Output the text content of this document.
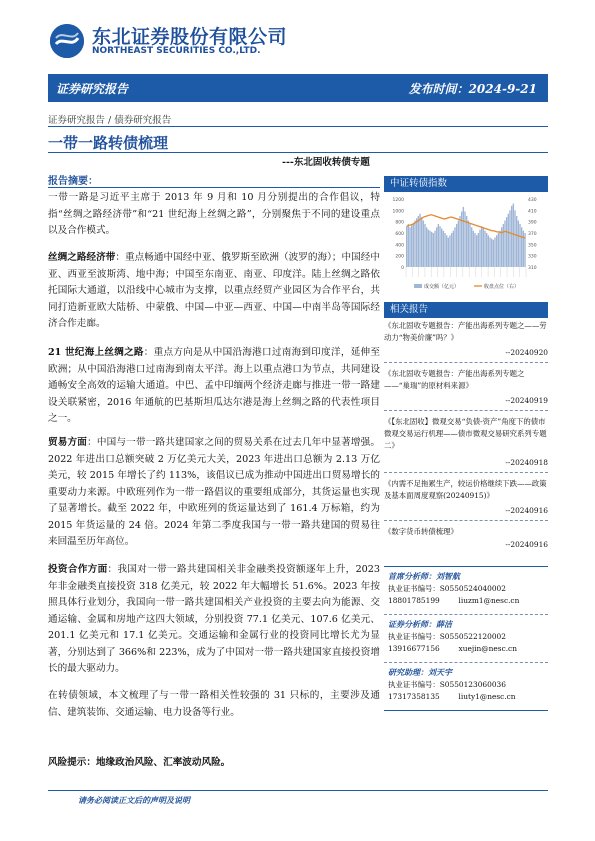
东北证券股份有限公司
NORTHEAST SECURITIES CO.,LTD.
证券研究报告	发布时间：2024-9-21
证券研究报告 / 债券研究报告
一带一路转债梳理
---东北固收转债专题
报告摘要：

一带一路是习近平主席于 2013 年 9 月和 10 月分别提出的合作倡议，特指“丝绸之路经济带”和“21 世纪海上丝绸之路”，分别聚焦于不同的建设重点以及合作模式。

丝绸之路经济带：重点畅通中国经中亚、俄罗斯至欧洲（波罗的海）；中国经中亚、西亚至波斯湾、地中海；中国至东南亚、南亚、印度洋。陆上丝绸之路依托国际大通道，以沿线中心城市为支撑，以重点经贸产业园区为合作平台，共同打造新亚欧大陆桥、中蒙俄、中国—中亚—西亚、中国—中南半岛等国际经济合作走廊。

21 世纪海上丝绸之路：重点方向是从中国沿海港口过南海到印度洋，延伸至欧洲；从中国沿海港口过南海到南太平洋。海上以重点港口为节点，共同建设通畅安全高效的运输大通道。中巴、孟中印缅两个经济走廊与推进一带一路建设关联紧密，2016 年通航的巴基斯坦瓜达尔港是海上丝绸之路的代表性项目之一。

贸易方面：中国与一带一路共建国家之间的贸易关系在过去几年中显著增强。2022 年进出口总额突破 2 万亿美元大关，2023 年进出口总额为 2.13 万亿美元，较 2015 年增长了约 113%，该倡议已成为推动中国进出口贸易增长的重要动力来源。中欧班列作为一带一路倡议的重要组成部分，其货运量也实现了显著增长。截至 2022 年，中欧班列的货运量达到了 161.4 万标箱，约为 2015 年货运量的 24 倍。2024 年第二季度我国与一带一路共建国的贸易往来回温至历年高位。

投资合作方面：我国对一带一路共建国相关非金融类投资额逐年上升，2023 年非金融类直接投资 318 亿美元，较 2022 年大幅增长 51.6%。2023 年按照具体行业划分，我国向一带一路共建国相关产业投资的主要去向为能源、交通运输、金属和房地产这四大领域，分别投资 77.1 亿美元、107.6 亿美元、201.1 亿美元和 17.1 亿美元。交通运输和金属行业的投资同比增长尤为显著，分别达到了 366%和 223%，成为了中国对一带一路共建国家直接投资增长的最大驱动力。

在转债领域，本文梳理了与一带一路相关性较强的 31 只标的，主要涉及通信、建筑装饰、交通运输、电力设备等行业。

风险提示：地缘政治风险、汇率波动风险。

中证转债指数
1200
1000
800
600
400
200
0
430
410
390
370
350
330
310
成交额（亿元）	收盘点位（右）
相关报告
《东北固收专题报告：产能出海系列专题之——劳动力“物美价廉”吗？》
--20240920
《东北固收专题报告：产能出海系列专题之——“巢瑞”的原材料来源》
--20240919
《【东北固收】微观交易“负债-资产”角度下的债市微观交易运行机理——债市微观交易研究系列专题二》
--20240918
《内需不足拖累生产，较运价格继续下跌——政策及基本面周度观察(20240915)》
--20240916
《数字货币转债梳理》
--20240916
首席分析师：刘智航
执业证书编号：S0550524040002
18801785199	liuzm1@nesc.cn
证券分析师：薛洁
执业证书编号：S0550522120002
13916677156	xuejin@nesc.cn
研究助理：刘天宇
执业证书编号：S0550123060036
17317358135	liuty1@nesc.cn
请务必阅读正文后的声明及说明
